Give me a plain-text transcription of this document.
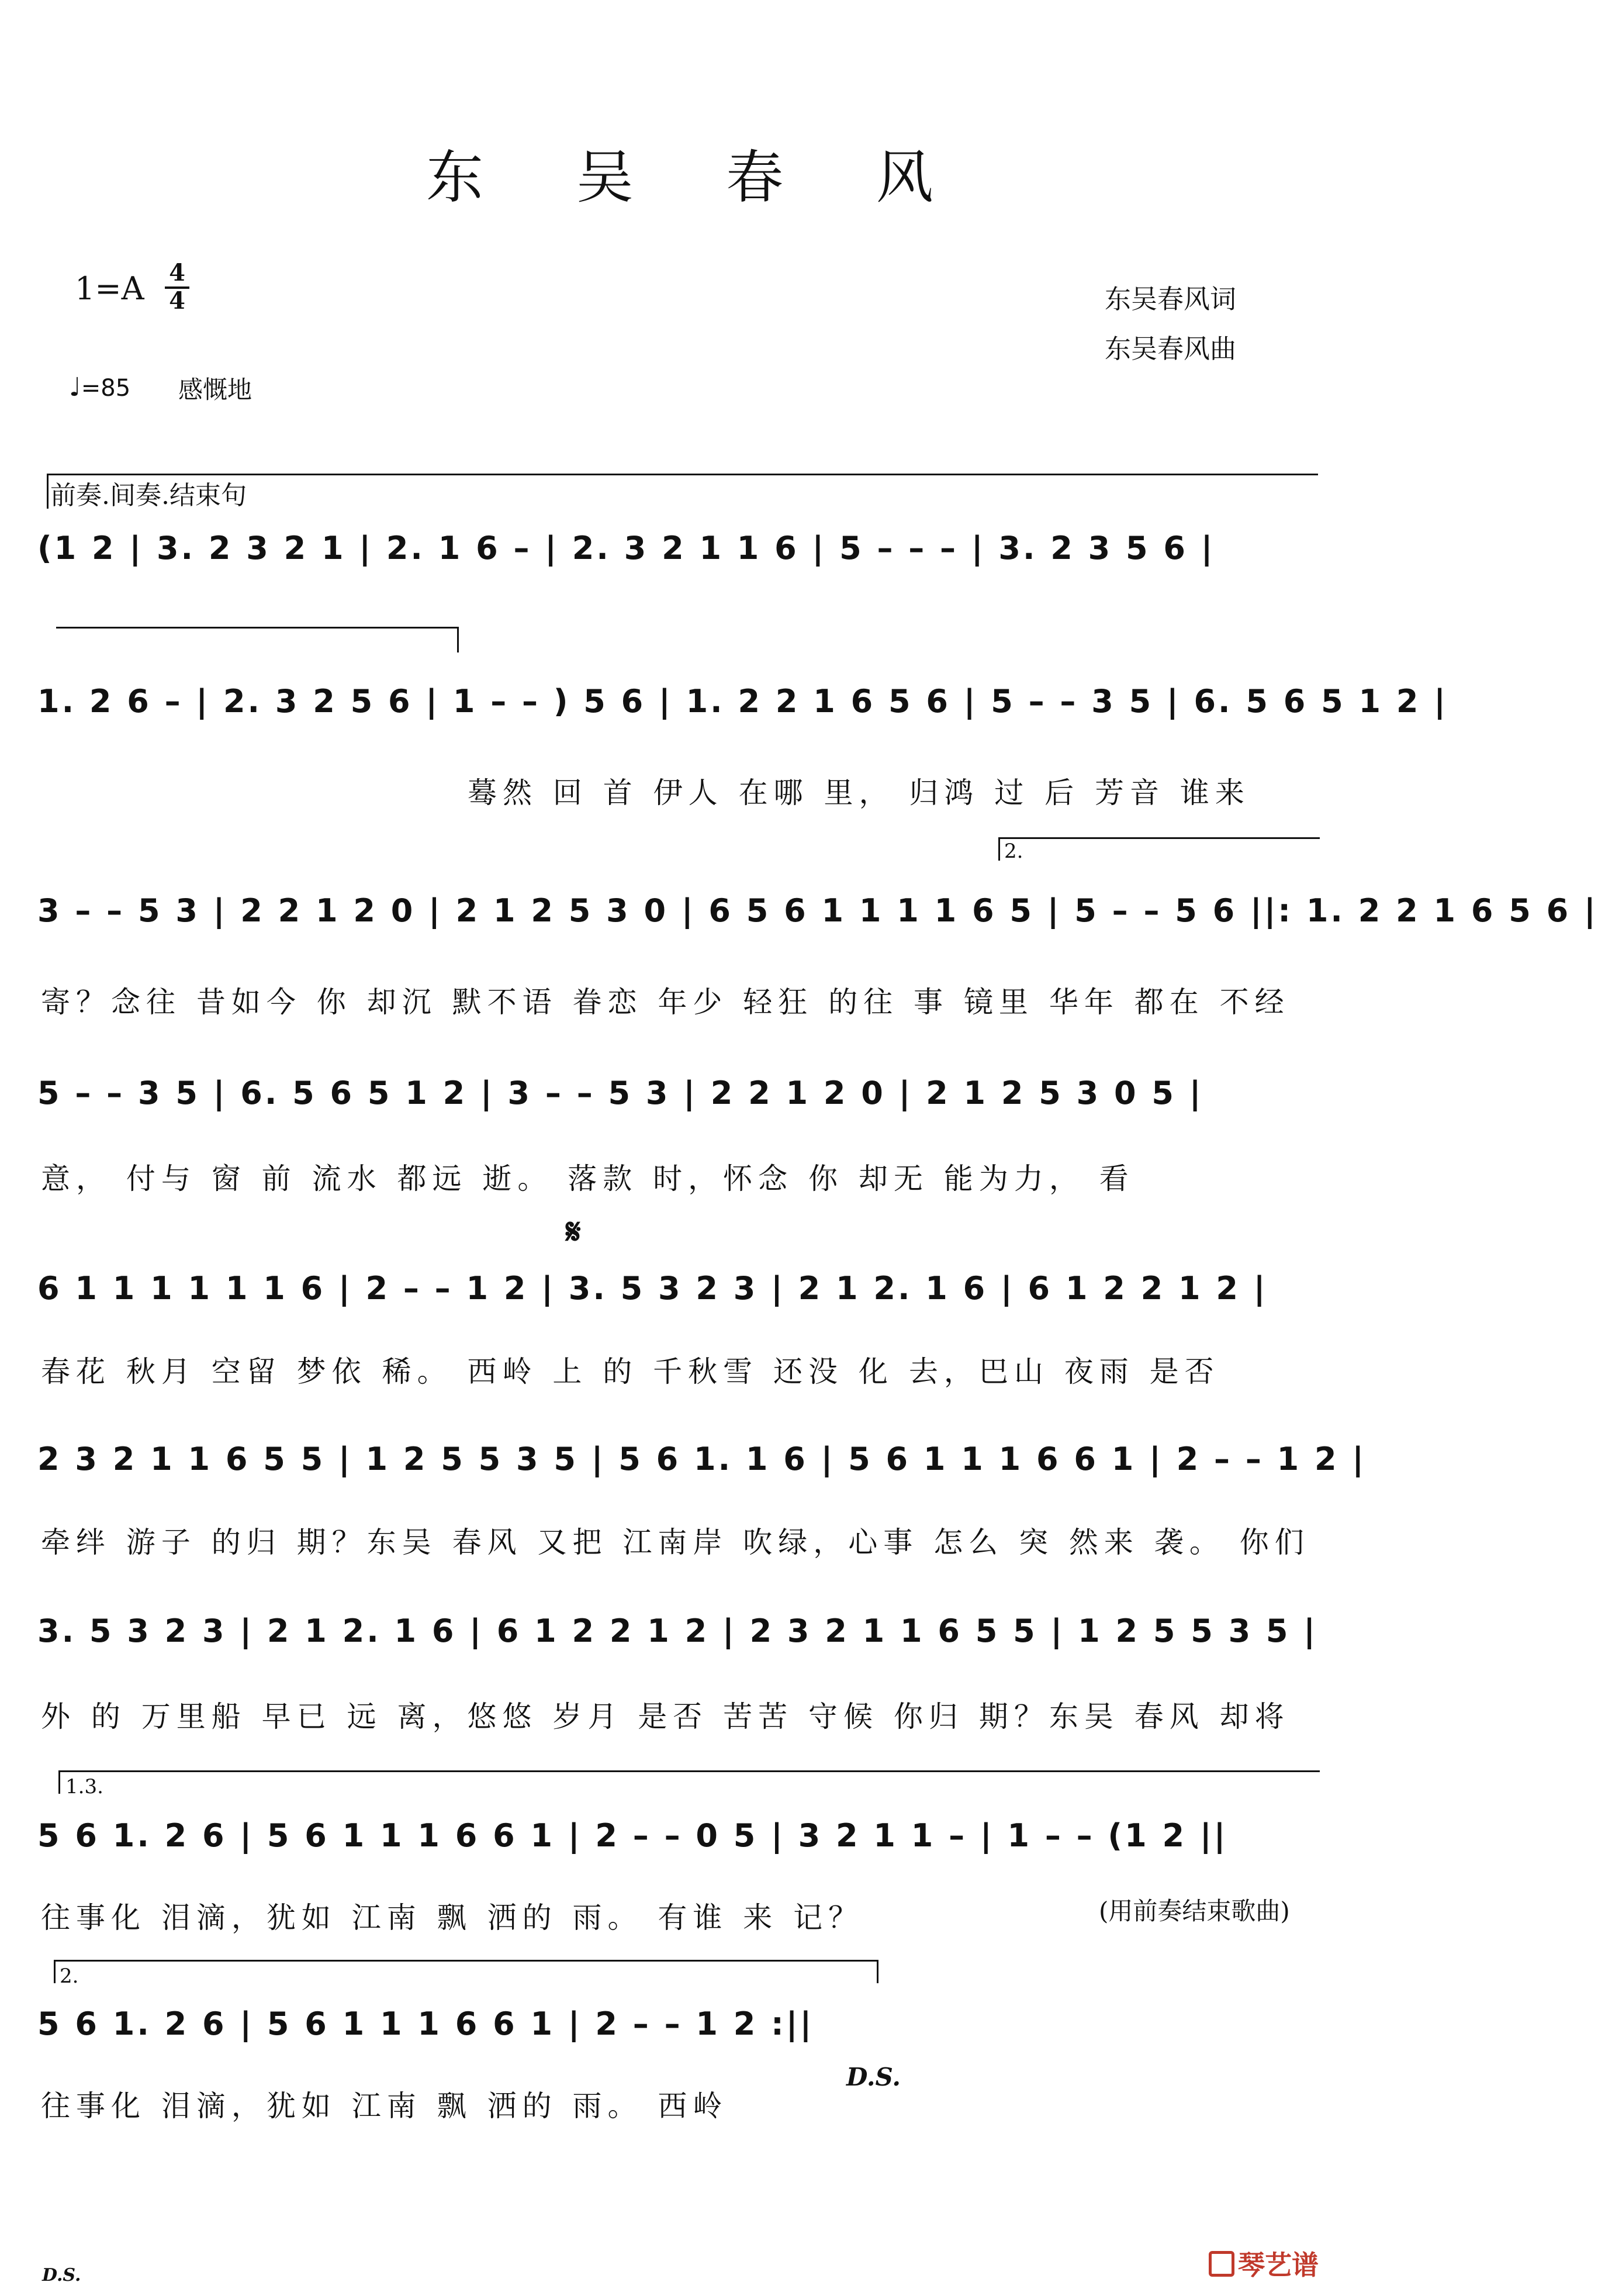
东 吴 春 风
$1=A \frac{4}{4}$	东吴春风词
东吴春风曲
♩=85 感慨地
前奏.间奏.结束句
2.
1.3.
2.
𝄋
(1 2 | 3. 2 3 2 1 | 2. 1 6 – | 2. 3 2 1 1 6 | 5 – – – | 3. 2 3 5 6 |
1. 2 6 – | 2. 3 2 5 6 | 1 – – ) 5 6 | 1. 2 2 1 6 5 6 | 5 – – 3 5 | 6. 5 6 5 1 2 |
蓦然 回 首 伊人 在哪 里， 归鸿 过 后 芳音 谁来
3 – – 5 3 | 2 2 1 2 0 | 2 1 2 5 3 0 | 6 5 6 1 1 1 1 6 5 | 5 – – 5 6 ||: 1. 2 2 1 6 5 6 |
寄？念往 昔如今 你 却沉 默不语 眷恋 年少 轻狂 的往 事 镜里 华年 都在 不经
5 – – 3 5 | 6. 5 6 5 1 2 | 3 – – 5 3 | 2 2 1 2 0 | 2 1 2 5 3 0 5 |
意， 付与 窗 前 流水 都远 逝。 落款 时，怀念 你 却无 能为力， 看
6 1 1 1 1 1 1 6 | 2 – – 1 2 | 3. 5 3 2 3 | 2 1 2. 1 6 | 6 1 2 2 1 2 |
春花 秋月 空留 梦依 稀。 西岭 上 的 千秋雪 还没 化 去，巴山 夜雨 是否
2 3 2 1 1 6 5 5 | 1 2 5 5 3 5 | 5 6 1. 1 6 | 5 6 1 1 1 6 6 1 | 2 – – 1 2 |
牵绊 游子 的归 期？东吴 春风 又把 江南岸 吹绿，心事 怎么 突 然来 袭。 你们
3. 5 3 2 3 | 2 1 2. 1 6 | 6 1 2 2 1 2 | 2 3 2 1 1 6 5 5 | 1 2 5 5 3 5 |
外 的 万里船 早已 远 离，悠悠 岁月 是否 苦苦 守候 你归 期？东吴 春风 却将
5 6 1. 2 6 | 5 6 1 1 1 6 6 1 | 2 – – 0 5 | 3 2 1 1 – | 1 – – (1 2 ||
(用前奏结束歌曲)
往事化 泪滴，犹如 江南 飘 洒的 雨。 有谁 来 记？
5 6 1. 2 6 | 5 6 1 1 1 6 6 1 | 2 – – 1 2 :||
往事化 泪滴，犹如 江南 飘 洒的 雨。 西岭
D.S.
D.S.	琴艺谱
